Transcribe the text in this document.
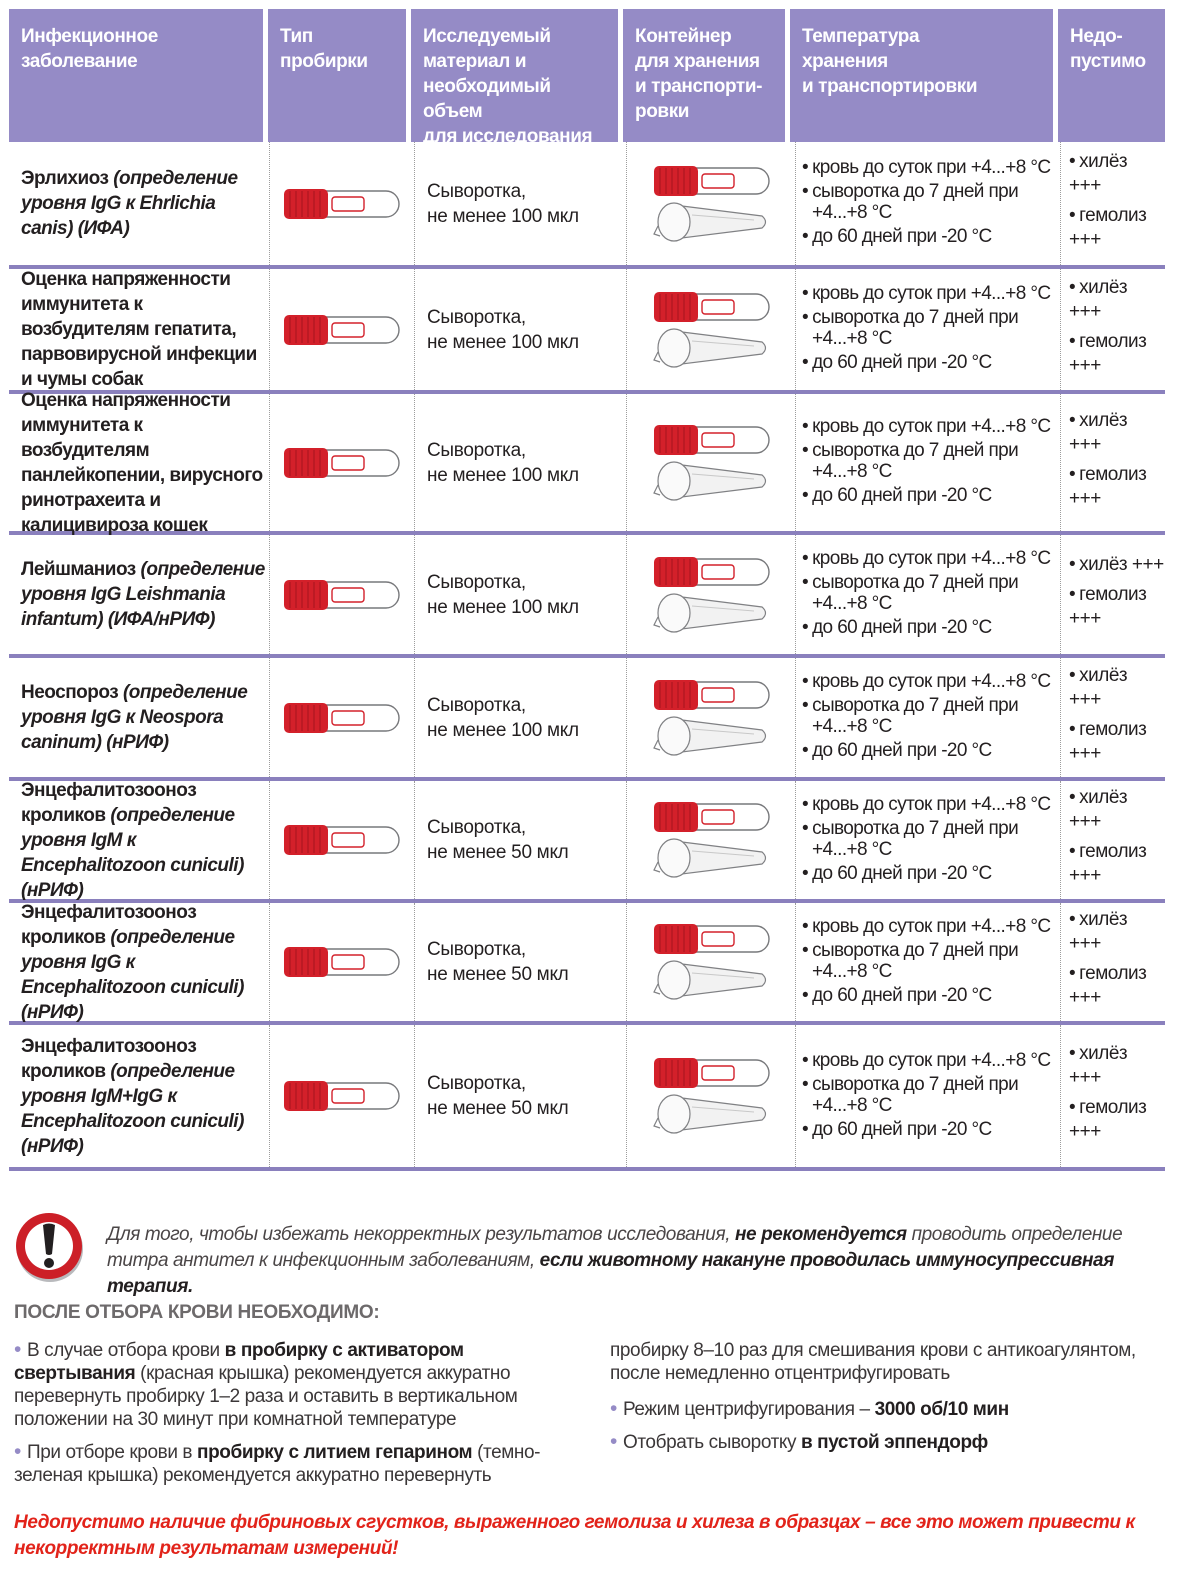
Инфекционное
заболевание
Тип пробирки
Исследуемый
материал и
необходимый объем
для исследования
Контейнер
для хранения
и транспорти-
ровки
Температура
хранения
и транспортировки
Недо-
пустимо
Эрлихиоз (определение уровня IgG к Ehrlichia canis) (ИФА)
Сыворотка,
не менее 100 мкл
• кровь до суток при +4...+8 °С
• сыворотка до 7 дней при +4...+8 °С
• до 60 дней при -20 °С
• хилёз
+++
• гемолиз
+++
Оценка напряженности иммунитета к возбудителям гепатита, парвовирусной инфекции и чумы собак
Сыворотка,
не менее 100 мкл
• кровь до суток при +4...+8 °С
• сыворотка до 7 дней при +4...+8 °С
• до 60 дней при -20 °С
• хилёз
+++
• гемолиз
+++
Оценка напряженности иммунитета к возбудителям панлейкопении, вирусного ринотрахеита и калицивироза кошек
Сыворотка,
не менее 100 мкл
• кровь до суток при +4...+8 °С
• сыворотка до 7 дней при +4...+8 °С
• до 60 дней при -20 °С
• хилёз
+++
• гемолиз
+++
Лейшманиоз (определение уровня IgG Leishmania infantum) (ИФА/нРИФ)
Сыворотка,
не менее 100 мкл
• кровь до суток при +4...+8 °С
• сыворотка до 7 дней при +4...+8 °С
• до 60 дней при -20 °С
• хилёз +++
• гемолиз
+++
Неоспороз (определение уровня IgG к Neospora caninum) (нРИФ)
Сыворотка,
не менее 100 мкл
• кровь до суток при +4...+8 °С
• сыворотка до 7 дней при +4...+8 °С
• до 60 дней при -20 °С
• хилёз
+++
• гемолиз
+++
Энцефалитозоонoз кроликов (определение уровня IgM к Encephalitozoon cuniculi) (нРИФ)
Сыворотка,
не менее 50 мкл
• кровь до суток при +4...+8 °С
• сыворотка до 7 дней при +4...+8 °С
• до 60 дней при -20 °С
• хилёз
+++
• гемолиз
+++
Энцефалитозоонoз кроликов (определение уровня IgG к Encephalitozoon cuniculi) (нРИФ)
Сыворотка,
не менее 50 мкл
• кровь до суток при +4...+8 °С
• сыворотка до 7 дней при +4...+8 °С
• до 60 дней при -20 °С
• хилёз
+++
• гемолиз
+++
Энцефалитозоонoз кроликов (определение уровня IgM+IgG к Encephalitozoon cuniculi) (нРИФ)
Сыворотка,
не менее 50 мкл
• кровь до суток при +4...+8 °С
• сыворотка до 7 дней при +4...+8 °С
• до 60 дней при -20 °С
• хилёз
+++
• гемолиз
+++

Для того, чтобы избежать некорректных результатов исследования, не рекомендуется проводить определение титра антител к инфекционным заболеваниям, если животному накануне проводилась иммуносупрессивная терапия.

ПОСЛЕ ОТБОРА КРОВИ НЕОБХОДИМО:
• В случае отбора крови в пробирку с активатором свертывания (красная крышка) рекомендуется аккуратно перевернуть пробирку 1–2 раза и оставить в вертикальном положении на 30 минут при комнатной температуре
• При отборе крови в пробирку с литием гепарином (темно-зеленая крышка) рекомендуется аккуратно перевернуть
пробирку 8–10 раз для смешивания крови с антикоагулянтом, после немедленно отцентрифугировать
• Режим центрифугирования – 3000 об/10 мин
• Отобрать сыворотку в пустой эппендорф
Недопустимо наличие фибриновых сгустков, выраженного гемолиза и хилеза в образцах – все это может привести к некорректным результатам измерений!
